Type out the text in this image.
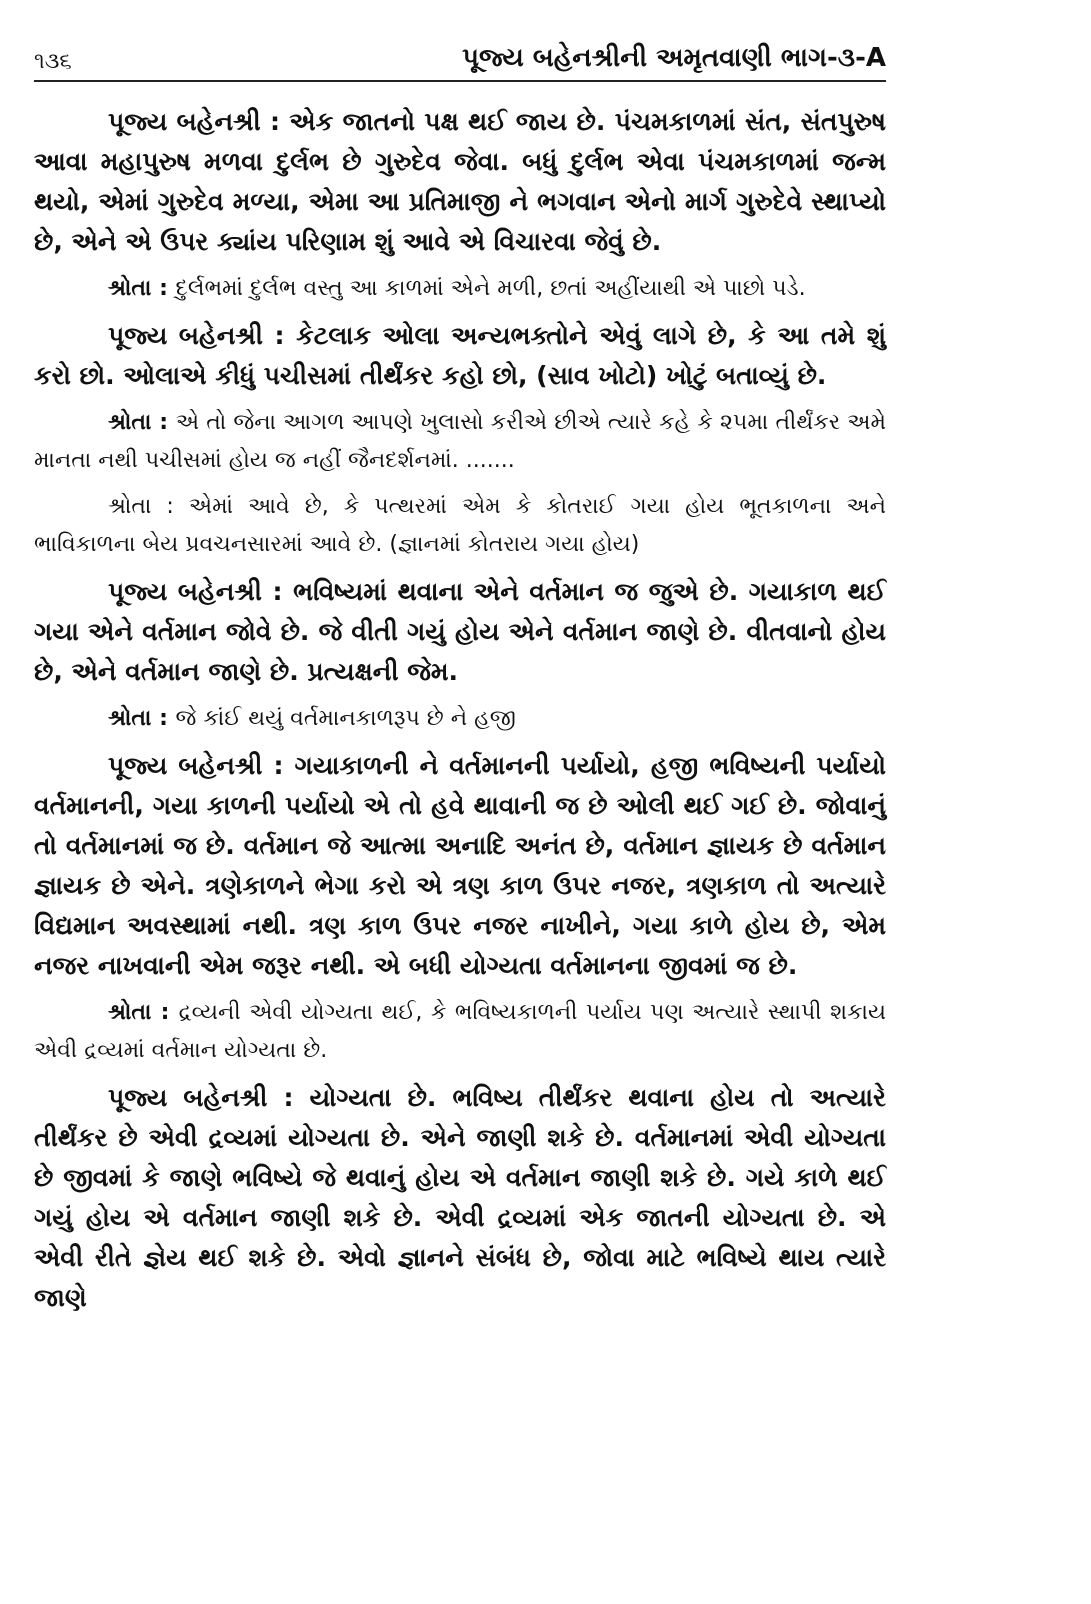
૧૩૬	પૂજ્ય બહેનશ્રીની અમૃતવાણી ભાગ-૩-A

પૂજ્ય બહેનશ્રી : એક જાતનો પક્ષ થઈ જાય છે. પંચમકાળમાં સંત, સંતપુરુષ આવા મહાપુરુષ મળવા દુર્લભ છે ગુરુદેવ જેવા. બધું દુર્લભ એવા પંચમકાળમાં જન્મ થયો, એમાં ગુરુદેવ મળ્યા, એમા આ પ્રતિમાજી ને ભગવાન એનો માર્ગ ગુરુદેવે સ્થાપ્યો છે, એને એ ઉપર ક્યાંય પરિણામ શું આવે એ વિચારવા જેવું છે.

શ્રોતા : દુર્લભમાં દુર્લભ વસ્તુ આ કાળમાં એને મળી, છતાં અહીંયાથી એ પાછો પડે.

પૂજ્ય બહેનશ્રી : કેટલાક ઓલા અન્યભક્તોને એવું લાગે છે, કે આ તમે શું કરો છો. ઓલાએ કીધું પચીસમાં તીર્થંકર કહો છો, (સાવ ખોટો) ખોટું બતાવ્યું છે.

શ્રોતા : એ તો જેના આગળ આપણે ખુલાસો કરીએ છીએ ત્યારે કહે કે ૨૫મા તીર્થંકર અમે માનતા નથી પચીસમાં હોય જ નહીં જૈનદર્શનમાં. .......

શ્રોતા : એમાં આવે છે, કે પત્થરમાં એમ કે કોતરાઈ ગયા હોય ભૂતકાળના અને ભાવિકાળના બેય પ્રવચનસારમાં આવે છે. (જ્ઞાનમાં કોતરાય ગયા હોય)

પૂજ્ય બહેનશ્રી : ભવિષ્યમાં થવાના એને વર્તમાન જ જુએ છે. ગયાકાળ થઈ ગયા એને વર્તમાન જોવે છે. જે વીતી ગયું હોય એને વર્તમાન જાણે છે. વીતવાનો હોય છે, એને વર્તમાન જાણે છે. પ્રત્યક્ષની જેમ.

શ્રોતા : જે કાંઈ થયું વર્તમાનકાળરૂપ છે ને હજી

પૂજ્ય બહેનશ્રી : ગયાકાળની ને વર્તમાનની પર્યાયો, હજી ભવિષ્યની પર્યાયો વર્તમાનની, ગયા કાળની પર્યાયો એ તો હવે થાવાની જ છે ઓલી થઈ ગઈ છે. જોવાનું તો વર્તમાનમાં જ છે. વર્તમાન જે આત્મા અનાદિ અનંત છે, વર્તમાન જ્ઞાયક છે વર્તમાન જ્ઞાયક છે એને. ત્રણેકાળને ભેગા કરો એ ત્રણ કાળ ઉપર નજર, ત્રણકાળ તો અત્યારે વિદ્યમાન અવસ્થામાં નથી. ત્રણ કાળ ઉપર નજર નાખીને, ગયા કાળે હોય છે, એમ નજર નાખવાની એમ જરૂર નથી. એ બધી યોગ્યતા વર્તમાનના જીવમાં જ છે.

શ્રોતા : દ્રવ્યની એવી યોગ્યતા થઈ, કે ભવિષ્યકાળની પર્યાય પણ અત્યારે સ્થાપી શકાય એવી દ્રવ્યમાં વર્તમાન યોગ્યતા છે.

પૂજ્ય બહેનશ્રી : યોગ્યતા છે. ભવિષ્ય તીર્થંકર થવાના હોય તો અત્યારે તીર્થંકર છે એવી દ્રવ્યમાં યોગ્યતા છે. એને જાણી શકે છે. વર્તમાનમાં એવી યોગ્યતા છે જીવમાં કે જાણે ભવિષ્યે જે થવાનું હોય એ વર્તમાન જાણી શકે છે. ગયે કાળે થઈ ગયું હોય એ વર્તમાન જાણી શકે છે. એવી દ્રવ્યમાં એક જાતની યોગ્યતા છે. એ એવી રીતે જ્ઞેય થઈ શકે છે. એવો જ્ઞાનને સંબંધ છે, જોવા માટે ભવિષ્યે થાય ત્યારે જાણે
